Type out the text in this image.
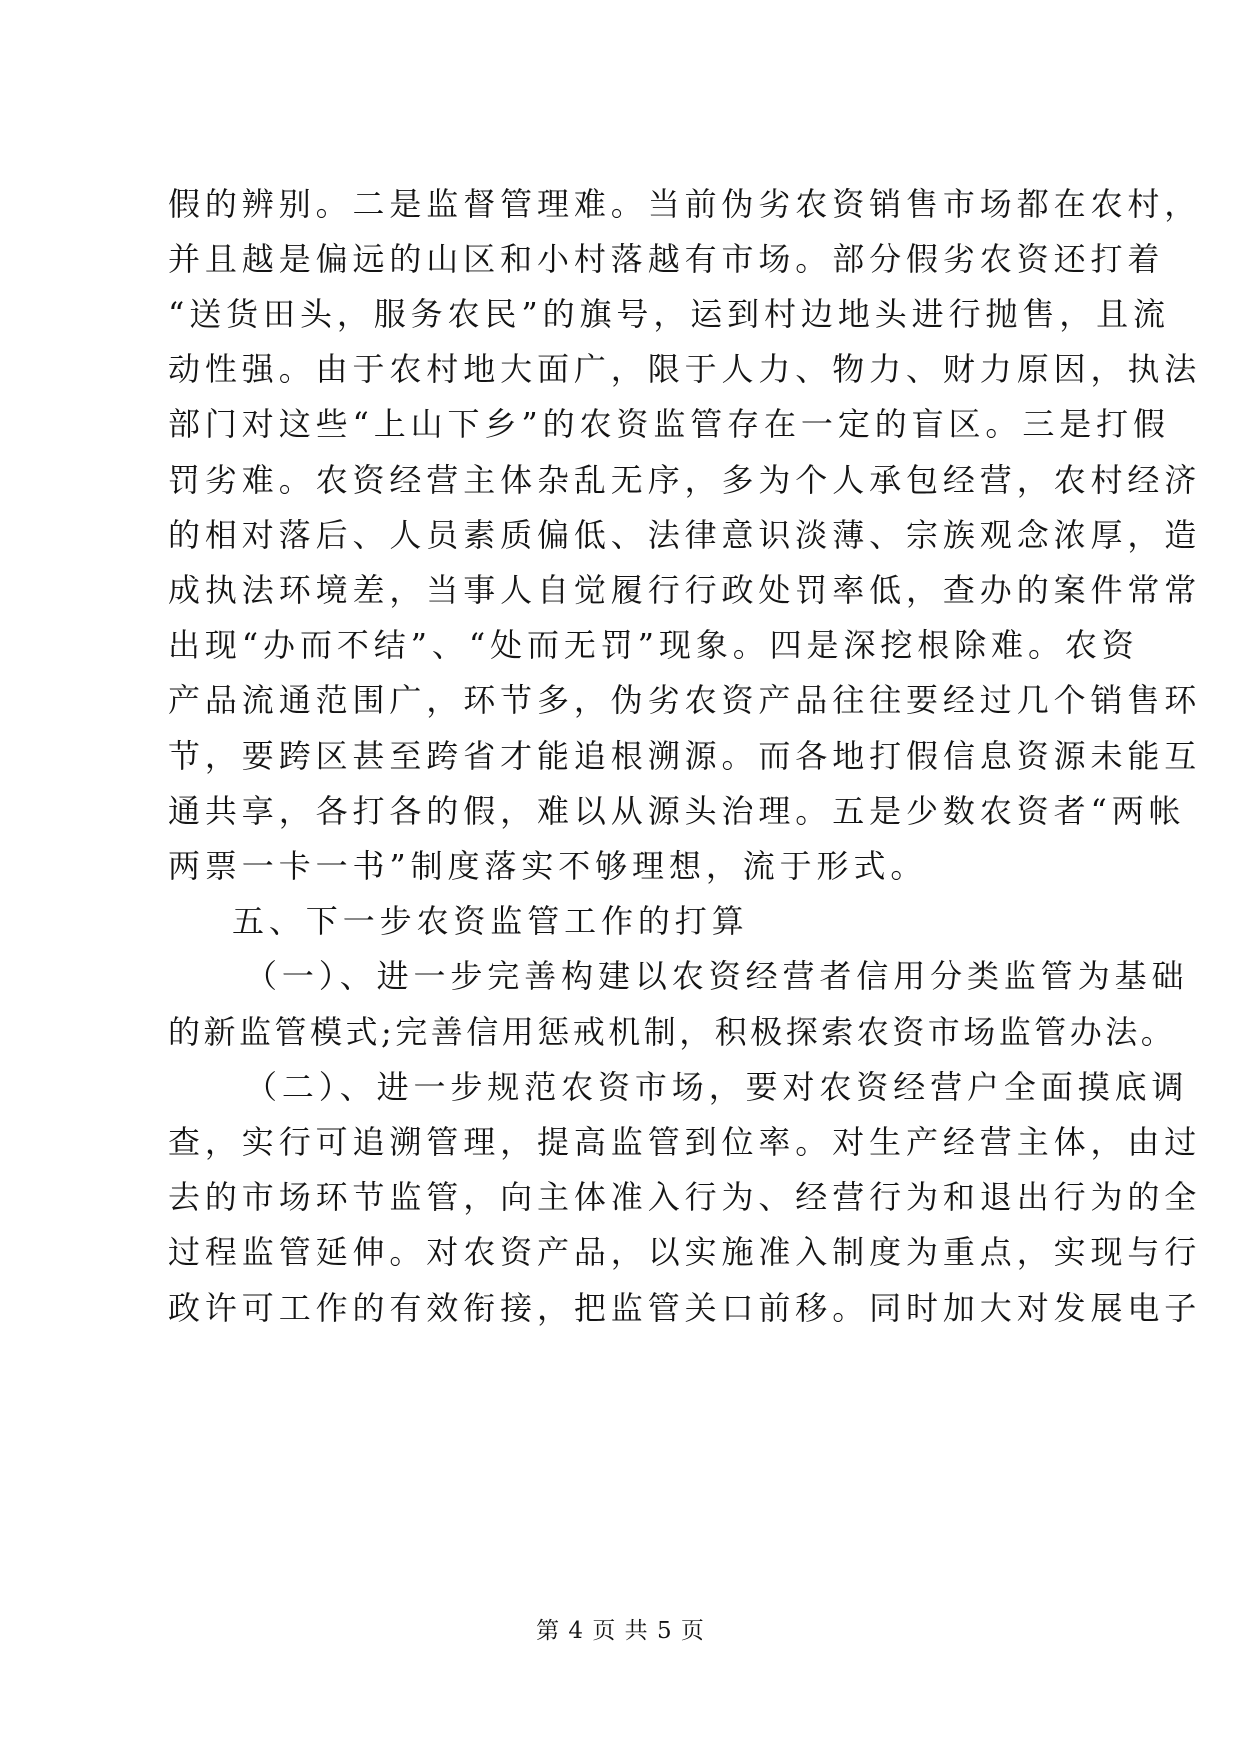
假的辨别。二是监督管理难。当前伪劣农资销售市场都在农村，
并且越是偏远的山区和小村落越有市场。部分假劣农资还打着
“送货田头，服务农民”的旗号，运到村边地头进行抛售，且流
动性强。由于农村地大面广，限于人力、物力、财力原因，执法
部门对这些“上山下乡”的农资监管存在一定的盲区。三是打假
罚劣难。农资经营主体杂乱无序，多为个人承包经营，农村经济
的相对落后、人员素质偏低、法律意识淡薄、宗族观念浓厚，造
成执法环境差，当事人自觉履行行政处罚率低，查办的案件常常
出现“办而不结”、“处而无罚”现象。四是深挖根除难。农资
产品流通范围广，环节多，伪劣农资产品往往要经过几个销售环
节，要跨区甚至跨省才能追根溯源。而各地打假信息资源未能互
通共享，各打各的假，难以从源头治理。五是少数农资者“两帐
两票一卡一书”制度落实不够理想，流于形式。
五、下一步农资监管工作的打算
（一）、进一步完善构建以农资经营者信用分类监管为基础
的新监管模式;完善信用惩戒机制，积极探索农资市场监管办法。
（二）、进一步规范农资市场，要对农资经营户全面摸底调
查，实行可追溯管理，提高监管到位率。对生产经营主体，由过
去的市场环节监管，向主体准入行为、经营行为和退出行为的全
过程监管延伸。对农资产品，以实施准入制度为重点，实现与行
政许可工作的有效衔接，把监管关口前移。同时加大对发展电子
第 4 页 共 5 页
